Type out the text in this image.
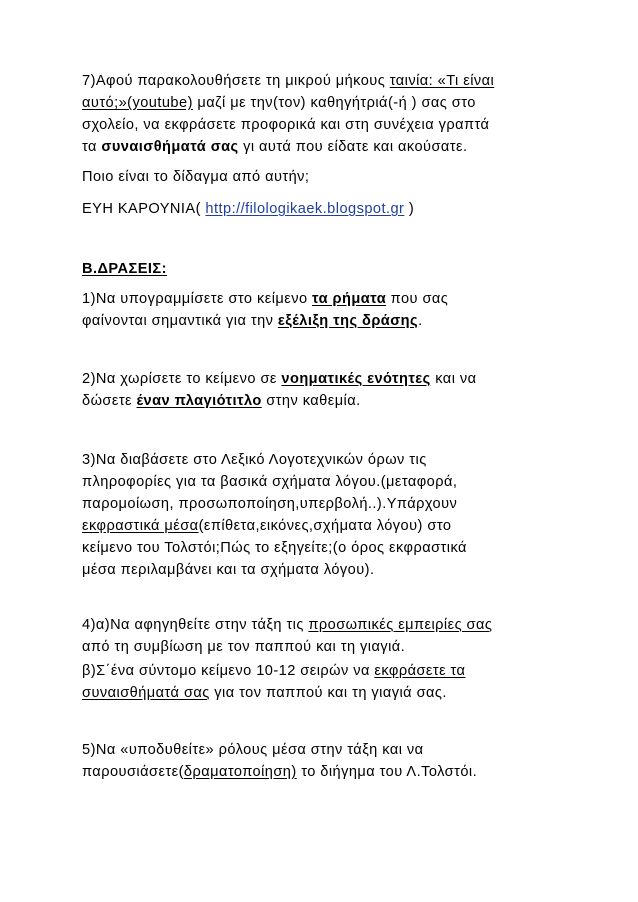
7)Αφού παρακολουθήσετε τη μικρού μήκους ταινία: «Τι είναι
αυτό;»(youtube) μαζί με την(τον) καθηγήτριά(-ή ) σας στο
σχολείο, να εκφράσετε προφορικά και στη συνέχεια γραπτά
τα συναισθήματά σας γι αυτά που είδατε και ακούσατε.

Ποιο είναι το δίδαγμα από αυτήν;

ΕΥΗ ΚΑΡΟΥΝΙΑ( http://filologikaek.blogspot.gr )

Β.ΔΡΑΣΕΙΣ:

1)Να υπογραμμίσετε στο κείμενο τα ρήματα που σας
φαίνονται σημαντικά για την εξέλιξη της δράσης.

2)Να χωρίσετε το κείμενο σε νοηματικές ενότητες και να
δώσετε έναν πλαγιότιτλο στην καθεμία.

3)Να διαβάσετε στο Λεξικό Λογοτεχνικών όρων τις
πληροφορίες για τα βασικά σχήματα λόγου.(μεταφορά,
παρομοίωση, προσωποποίηση,υπερβολή..).Υπάρχουν
εκφραστικά μέσα(επίθετα,εικόνες,σχήματα λόγου) στο
κείμενο του Τολστόι;Πώς το εξηγείτε;(ο όρος εκφραστικά
μέσα περιλαμβάνει και τα σχήματα λόγου).

4)α)Να αφηγηθείτε στην τάξη τις προσωπικές εμπειρίες σας
από τη συμβίωση με τον παππού και τη γιαγιά.

β)Σ΄ένα σύντομο κείμενο 10-12 σειρών να εκφράσετε τα
συναισθήματά σας για τον παππού και τη γιαγιά σας.

5)Να «υποδυθείτε» ρόλους μέσα στην τάξη και να
παρουσιάσετε(δραματοποίηση) το διήγημα του Λ.Τολστόι.
